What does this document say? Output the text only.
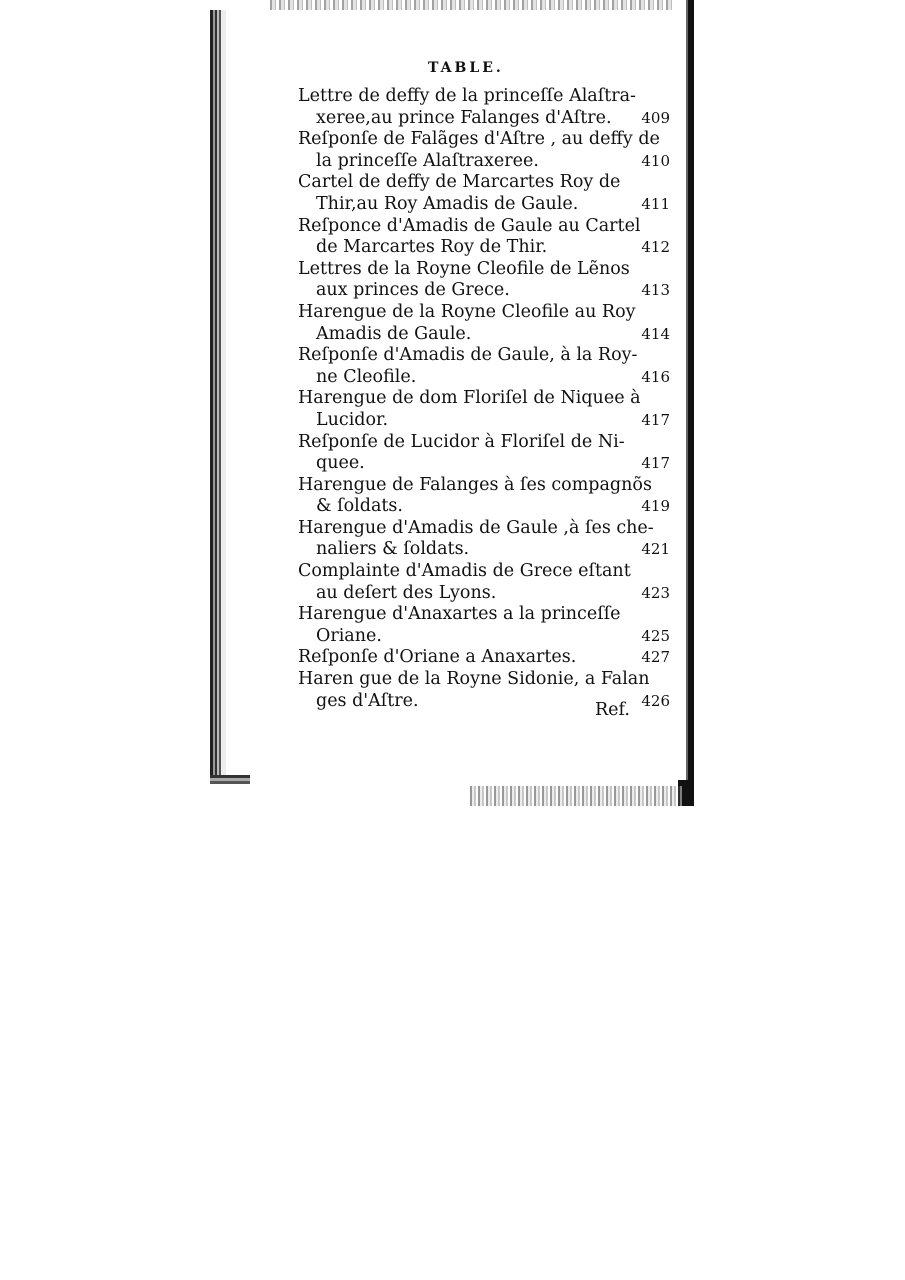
TABLE.
Lettre de deffy de la princeſſe Alaſtra-
xeree,au prince Falanges d'Aſtre. 409
Reſponſe de Falãges d'Aſtre , au deffy de
la princeſſe Alaſtraxeree.	410
Cartel de deffy de Marcartes Roy de
Thir,au Roy Amadis de Gaule.	411
Reſponce d'Amadis de Gaule au Cartel
de Marcartes Roy de Thir.	412
Lettres de la Royne Cleofile de Lẽnos
aux princes de Grece.	413
Harengue de la Royne Cleofile au Roy
Amadis de Gaule.	414
Reſponſe d'Amadis de Gaule, à la Roy-
ne Cleofile.	416
Harengue de dom Floriſel de Niquee à
Lucidor.	417
Reſponſe de Lucidor à Floriſel de Ni-
quee.	417
Harengue de Falanges à ſes compagnõs
& ſoldats.	419
Harengue d'Amadis de Gaule ,à ſes che-
naliers & ſoldats.	421
Complainte d'Amadis de Grece eſtant
au deſert des Lyons.	423
Harengue d'Anaxartes a la princeſſe
Oriane.	425
Reſponſe d'Oriane a Anaxartes.	427
Haren gue de la Royne Sidonie, a Falan
ges d'Aſtre.	426
Ref.
